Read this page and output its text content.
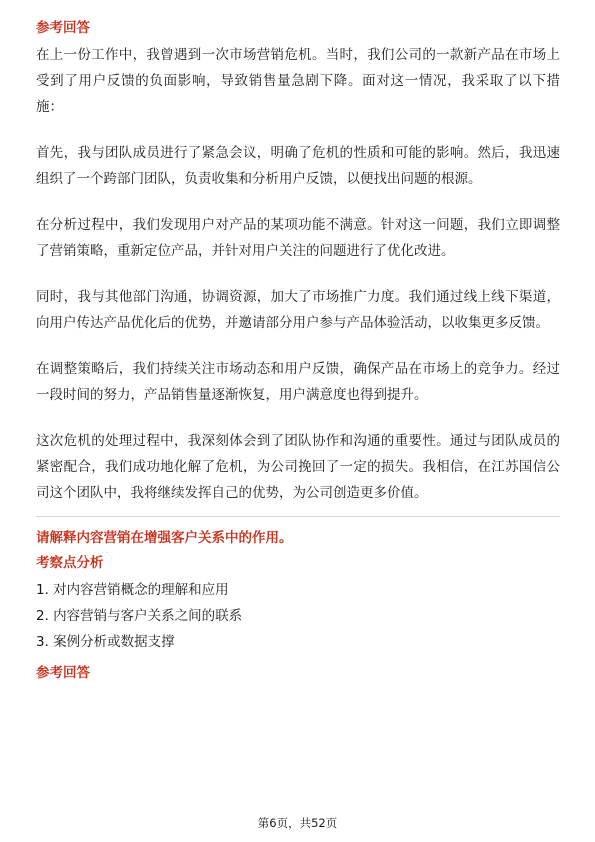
参考回答

在上一份工作中，我曾遇到一次市场营销危机。当时，我们公司的一款新产品在市场上受到了用户反馈的负面影响，导致销售量急剧下降。面对这一情况，我采取了以下措施：

首先，我与团队成员进行了紧急会议，明确了危机的性质和可能的影响。然后，我迅速组织了一个跨部门团队，负责收集和分析用户反馈，以便找出问题的根源。

在分析过程中，我们发现用户对产品的某项功能不满意。针对这一问题，我们立即调整了营销策略，重新定位产品，并针对用户关注的问题进行了优化改进。

同时，我与其他部门沟通，协调资源，加大了市场推广力度。我们通过线上线下渠道，向用户传达产品优化后的优势，并邀请部分用户参与产品体验活动，以收集更多反馈。

在调整策略后，我们持续关注市场动态和用户反馈，确保产品在市场上的竞争力。经过一段时间的努力，产品销售量逐渐恢复，用户满意度也得到提升。

这次危机的处理过程中，我深刻体会到了团队协作和沟通的重要性。通过与团队成员的紧密配合，我们成功地化解了危机，为公司挽回了一定的损失。我相信，在江苏国信公司这个团队中，我将继续发挥自己的优势，为公司创造更多价值。

请解释内容营销在增强客户关系中的作用。
考察点分析
1. 对内容营销概念的理解和应用
2. 内容营销与客户关系之间的联系
3. 案例分析或数据支撑
参考回答
第6页，共52页
